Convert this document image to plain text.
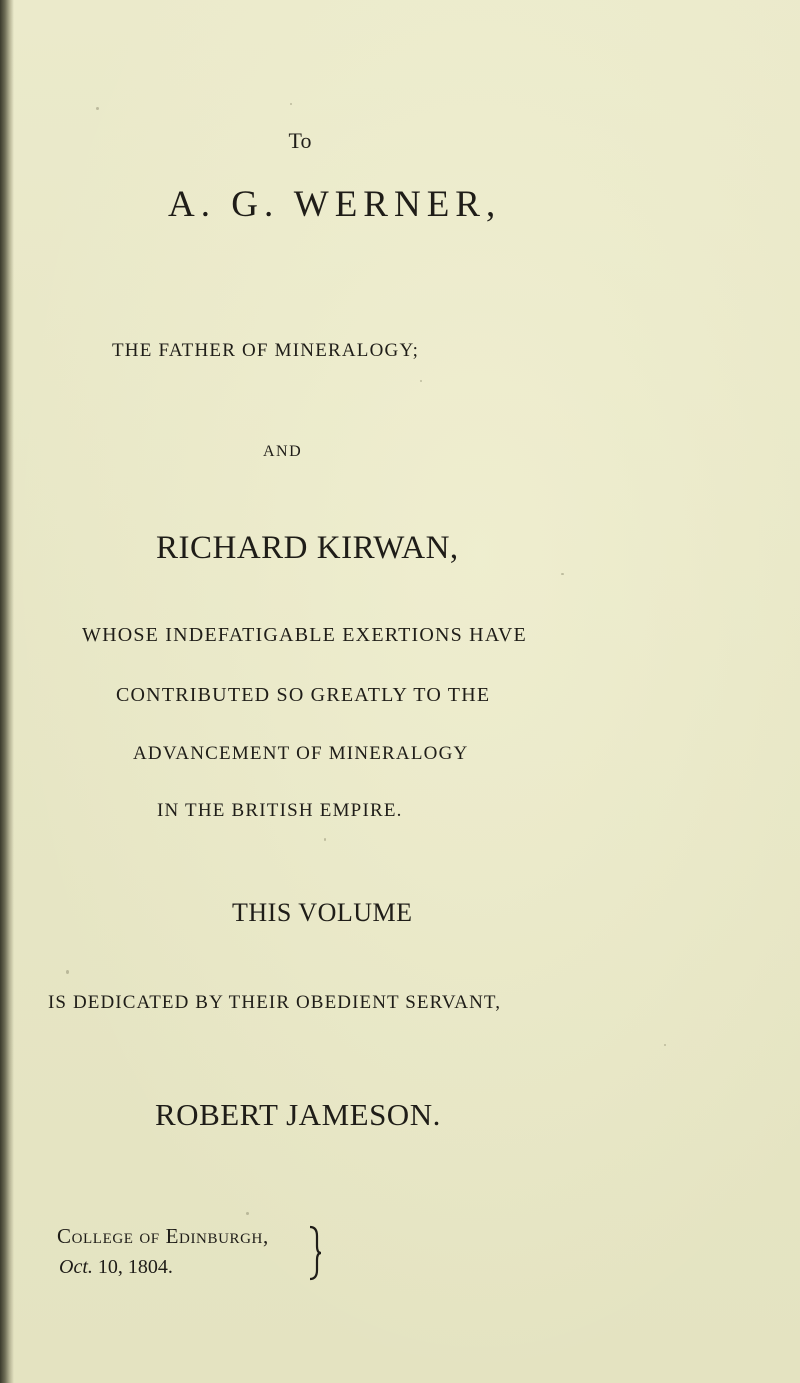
To
A. G. WERNER,
THE FATHER OF MINERALOGY;
AND
RICHARD KIRWAN,
WHOSE INDEFATIGABLE EXERTIONS HAVE
CONTRIBUTED SO GREATLY TO THE
ADVANCEMENT OF MINERALOGY
IN THE BRITISH EMPIRE.
THIS VOLUME
IS DEDICATED BY THEIR OBEDIENT SERVANT,
ROBERT JAMESON.
College of Edinburgh,
Oct. 10, 1804.
